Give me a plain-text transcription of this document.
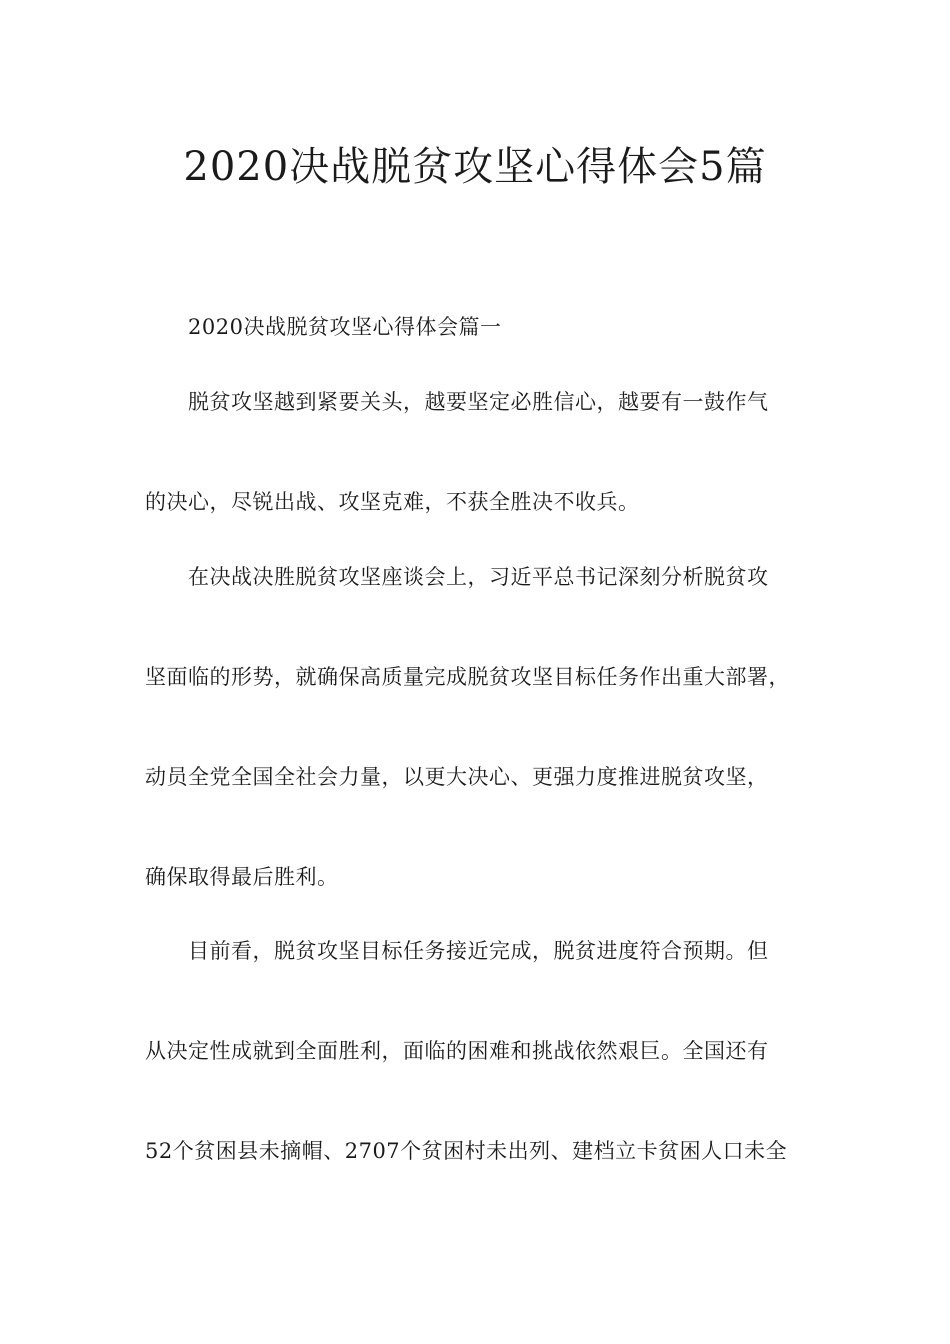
2020决战脱贫攻坚心得体会5篇
2020决战脱贫攻坚心得体会篇一
脱贫攻坚越到紧要关头，越要坚定必胜信心，越要有一鼓作气
的决心，尽锐出战、攻坚克难，不获全胜决不收兵。
在决战决胜脱贫攻坚座谈会上，习近平总书记深刻分析脱贫攻
坚面临的形势，就确保高质量完成脱贫攻坚目标任务作出重大部署，
动员全党全国全社会力量，以更大决心、更强力度推进脱贫攻坚，
确保取得最后胜利。
目前看，脱贫攻坚目标任务接近完成，脱贫进度符合预期。但
从决定性成就到全面胜利，面临的困难和挑战依然艰巨。全国还有
52个贫困县未摘帽、2707个贫困村未出列、建档立卡贫困人口未全
